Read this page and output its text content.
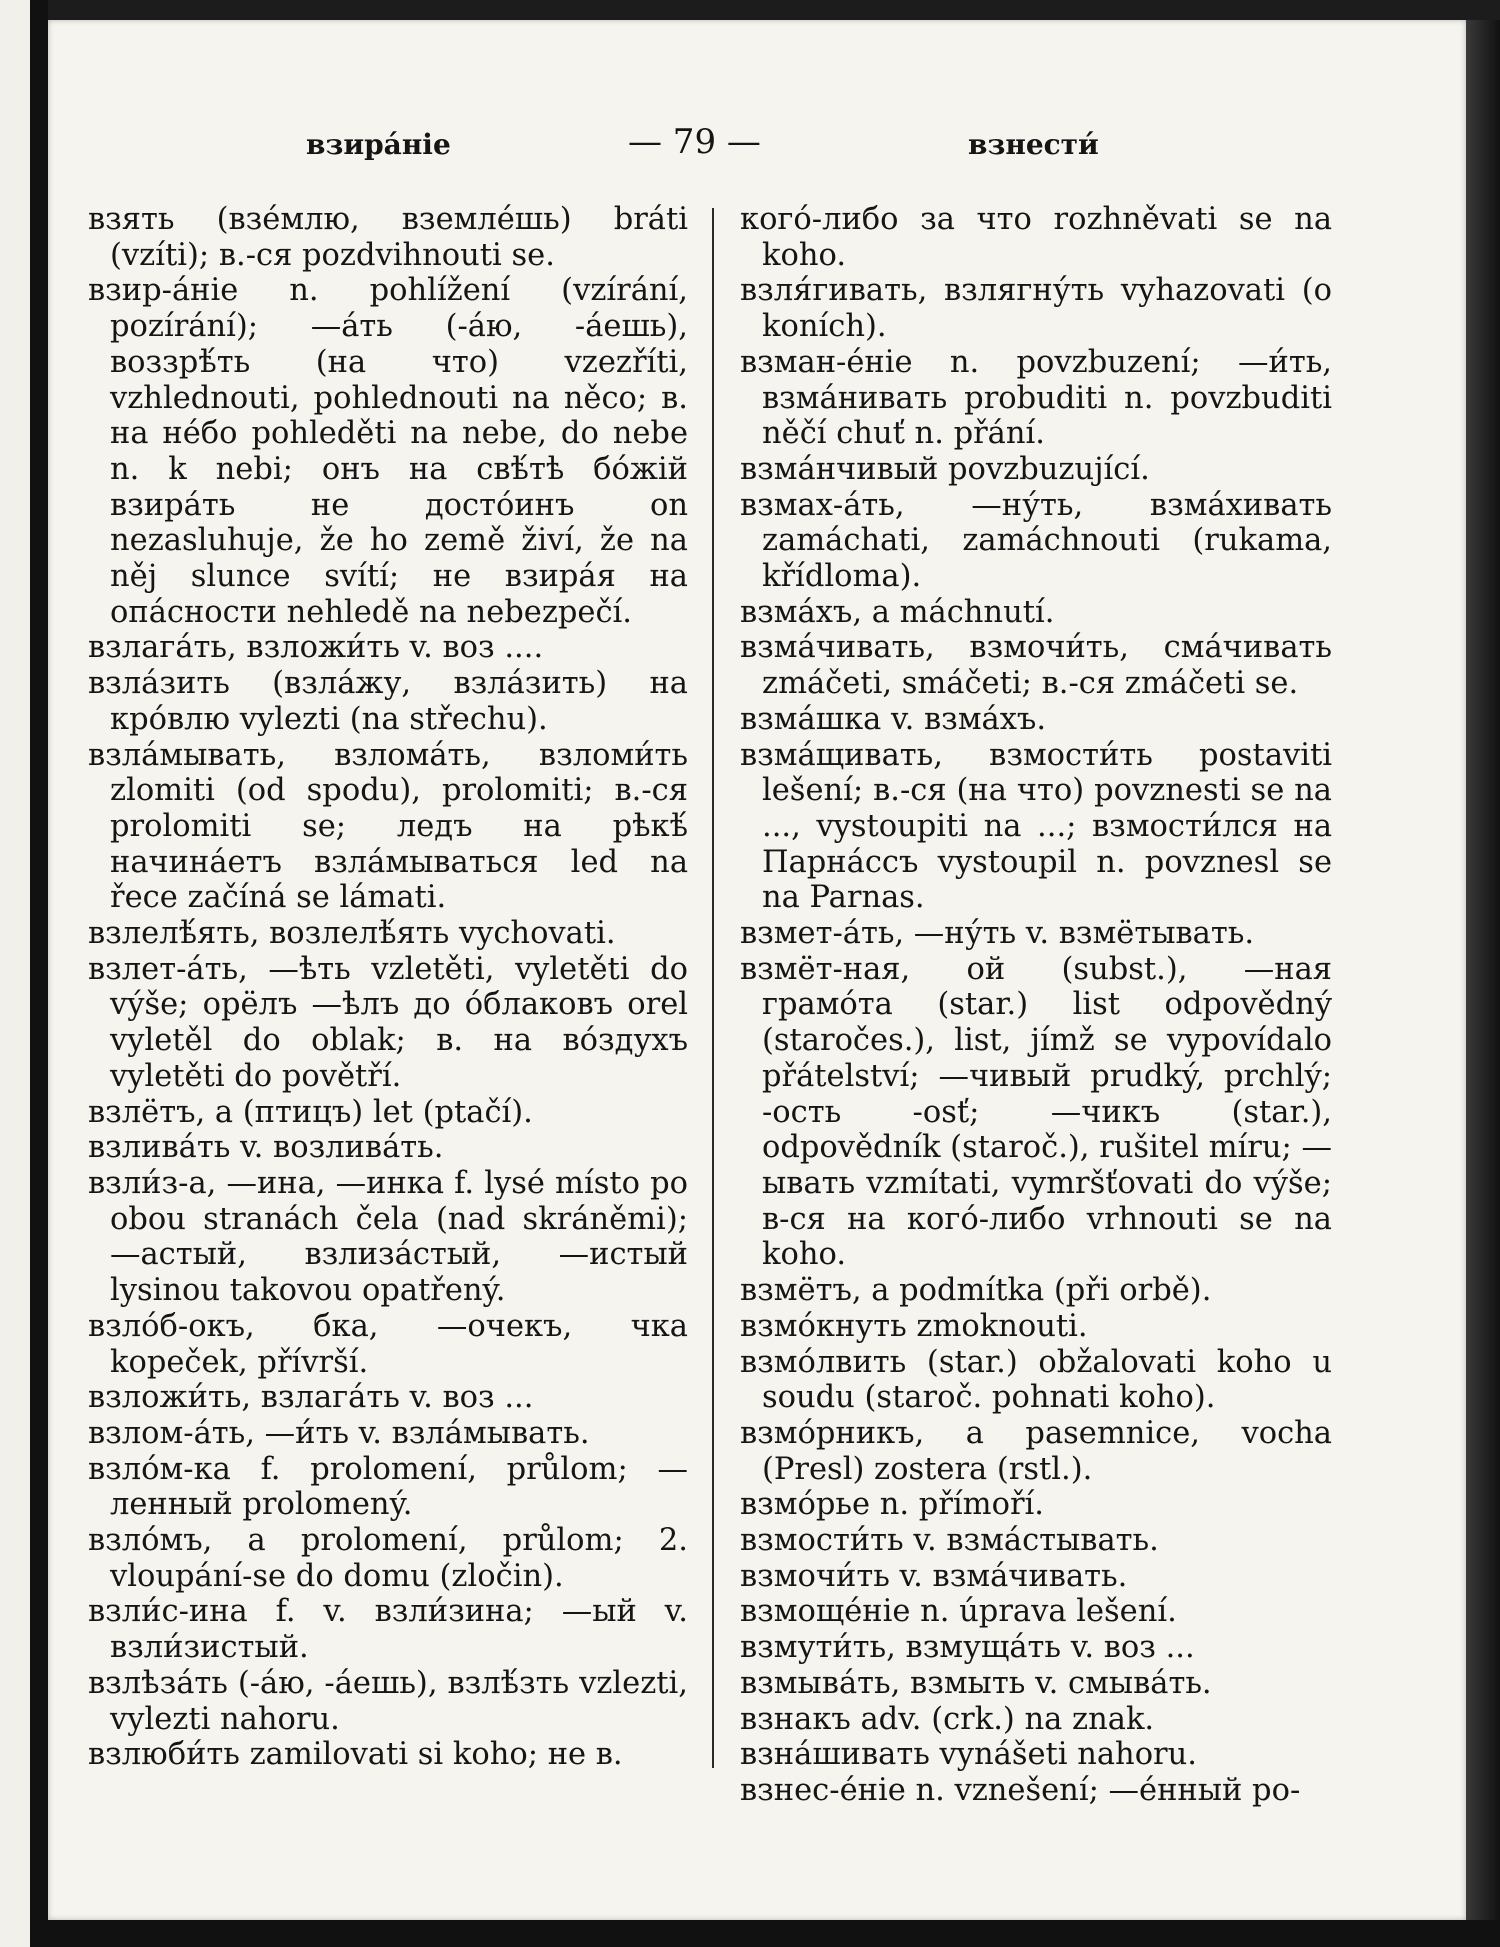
взира́ніе	— 79 —	взнести́

взять (взе́млю, вземле́шь) bráti (vzíti); в.-ся pozdvihnouti se.

взир-а́ніе n. pohlížení (vzírání, pozírání); —а́ть (-а́ю, -а́ешь), воззрѣ́ть (на что) vzezříti, vzhlednouti, pohlednouti na něco; в. на не́бо pohleděti na nebe, do nebe n. k nebi; онъ на свѣ́тѣ бо́жій взира́ть не досто́инъ on nezasluhuje, že ho země živí, že na něj slunce svítí; не взира́я на опа́сности nehledě na nebezpečí.

взлага́ть, взложи́ть v. воз ....

взла́зить (взла́жу, взла́зить) на кро́влю vylezti (na střechu).

взла́мывать, взлома́ть, взломи́ть zlomiti (od spodu), prolomiti; в.-ся prolomiti se; ледъ на рѣкѣ́ начина́етъ взла́мываться led na řece začíná se lámati.

взлелѣ́ять, возлелѣ́ять vychovati.

взлет-а́ть, —ѣть vzletěti, vyletěti do výše; орёлъ —ѣлъ до о́блаковъ orel vyletěl do oblak; в. на во́здухъ vyletěti do povětří.

взлётъ, а (птицъ) let (ptačí).

взлива́ть v. возлива́ть.

взли́з-а, —ина, —инка f. lysé místo po obou stranách čela (nad skráněmi); —астый, взлиза́стый, —истый lysinou takovou opatřený.

взло́б-окъ, бка, —очекъ, чка kopeček, přívrší.

взложи́ть, взлага́ть v. воз ...

взлом-а́ть, —и́ть v. взла́мывать.

взло́м-ка f. prolomení, průlom; —ленный prolomený.

взло́мъ, а prolomení, průlom; 2. vloupání-se do domu (zločin).

взли́с-ина f. v. взли́зина; —ый v. взли́зистый.

взлѣза́ть (-а́ю, -а́ешь), взлѣ́зть vzlezti, vylezti nahoru.

взлюби́ть zamilovati si koho; не в.

кого́-либо за что rozhněvati se na koho.

взля́гивать, взлягну́ть vyhazovati (o koních).

взман-е́ніе n. povzbuzení; —и́ть, взма́нивать probuditi n. povzbuditi něčí chuť n. přání.

взма́нчивый povzbuzující.

взмах-а́ть, —ну́ть, взма́хивать zamáchati, zamáchnouti (rukama, křídloma).

взма́хъ, а máchnutí.

взма́чивать, взмочи́ть, сма́чивать zmáčeti, smáčeti; в.-ся zmáčeti se.

взма́шка v. взма́хъ.

взма́щивать, взмости́ть postaviti lešení; в.-ся (на что) povznesti se na ..., vystoupiti na ...; взмости́лся на Парна́ссъ vystoupil n. povznesl se na Parnas.

взмет-а́ть, —ну́ть v. взмётывать.

взмёт-ная, ой (subst.), —ная грамо́та (star.) list odpovědný (staročes.), list, jímž se vypovídalo přátelství; —чивый prudký, prchlý; -ость -osť; —чикъ (star.), odpovědník (staroč.), rušitel míru; —ывать vzmítati, vymršťovati do výše; в-ся на кого́-либо vrhnouti se na koho.

взмётъ, а podmítka (při orbě).

взмо́кнуть zmoknouti.

взмо́лвить (star.) obžalovati koho u soudu (staroč. pohnati koho).

взмо́рникъ, а pasemnice, vocha (Presl) zostera (rstl.).

взмо́рье n. přímoří.

взмости́ть v. взма́стывать.

взмочи́ть v. взма́чивать.

взмоще́ніе n. úprava lešení.

взмути́ть, взмуща́ть v. воз ...

взмыва́ть, взмыть v. смыва́ть.

взнакъ adv. (crk.) na znak.

взна́шивать vynášeti nahoru.

взнес-е́ніе n. vznešení; —е́нный po-
